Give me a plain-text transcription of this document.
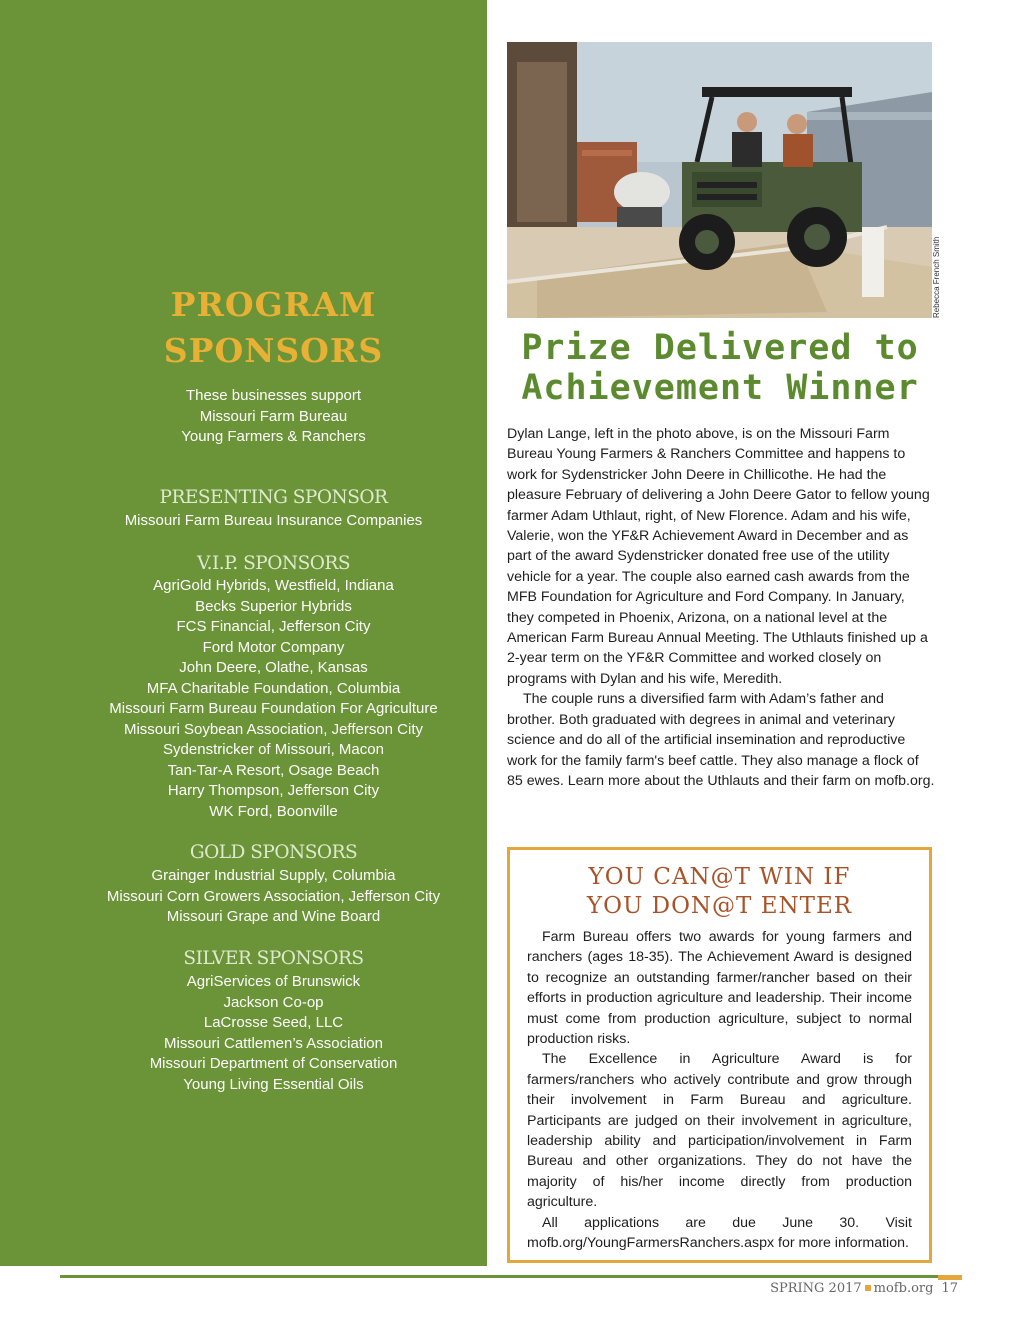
PROGRAM
SPONSORS
These businesses support
Missouri Farm Bureau
Young Farmers & Ranchers
PRESENTING SPONSOR
Missouri Farm Bureau Insurance Companies
V.I.P. SPONSORS
AgriGold Hybrids, Westfield, Indiana
Becks Superior Hybrids
FCS Financial, Jefferson City
Ford Motor Company
John Deere, Olathe, Kansas
MFA Charitable Foundation, Columbia
Missouri Farm Bureau Foundation For Agriculture
Missouri Soybean Association, Jefferson City
Sydenstricker of Missouri, Macon
Tan-Tar-A Resort, Osage Beach
Harry Thompson, Jefferson City
WK Ford, Boonville
GOLD SPONSORS
Grainger Industrial Supply, Columbia
Missouri Corn Growers Association, Jefferson City
Missouri Grape and Wine Board
SILVER SPONSORS
AgriServices of Brunswick
Jackson Co-op
LaCrosse Seed, LLC
Missouri Cattlemen’s Association
Missouri Department of Conservation
Young Living Essential Oils
Rebecca French Smith
Prize Delivered to
Achievement Winner

Dylan Lange, left in the photo above, is on the Missouri Farm Bureau Young Farmers & Ranchers Committee and happens to work for Sydenstricker John Deere in Chillicothe. He had the pleasure February of delivering a John Deere Gator to fellow young farmer Adam Uthlaut, right, of New Florence. Adam and his wife, Valerie, won the YF&R Achievement Award in December and as part of the award Sydenstricker donated free use of the utility vehicle for a year. The couple also earned cash awards from the MFB Foundation for Agriculture and Ford Company. In January, they competed in Phoenix, Arizona, on a national level at the American Farm Bureau Annual Meeting. The Uthlauts finished up a 2-year term on the YF&R Committee and worked closely on programs with Dylan and his wife, Meredith.

The couple runs a diversified farm with Adam’s father and brother. Both graduated with degrees in animal and veterinary science and do all of the artificial insemination and reproductive work for the family farm's beef cattle. They also manage a flock of 85 ewes. Learn more about the Uthlauts and their farm on mofb.org.

YOU CAN@T WIN IF
YOU DON@T ENTER

Farm Bureau offers two awards for young farmers and ranchers (ages 18-35). The Achievement Award is designed to recognize an outstanding farmer/rancher based on their efforts in production agriculture and leadership. Their income must come from production agriculture, subject to normal production risks.

The Excellence in Agriculture Award is for farmers/ranchers who actively contribute and grow through their involvement in Farm Bureau and agriculture. Participants are judged on their involvement in agriculture, leadership ability and participation/involvement in Farm Bureau and other organizations. They do not have the majority of his/her income directly from production agriculture.

All applications are due June 30. Visit mofb.org/YoungFarmersRanchers.aspx for more information.

SPRING 2017 mofb.org 17
